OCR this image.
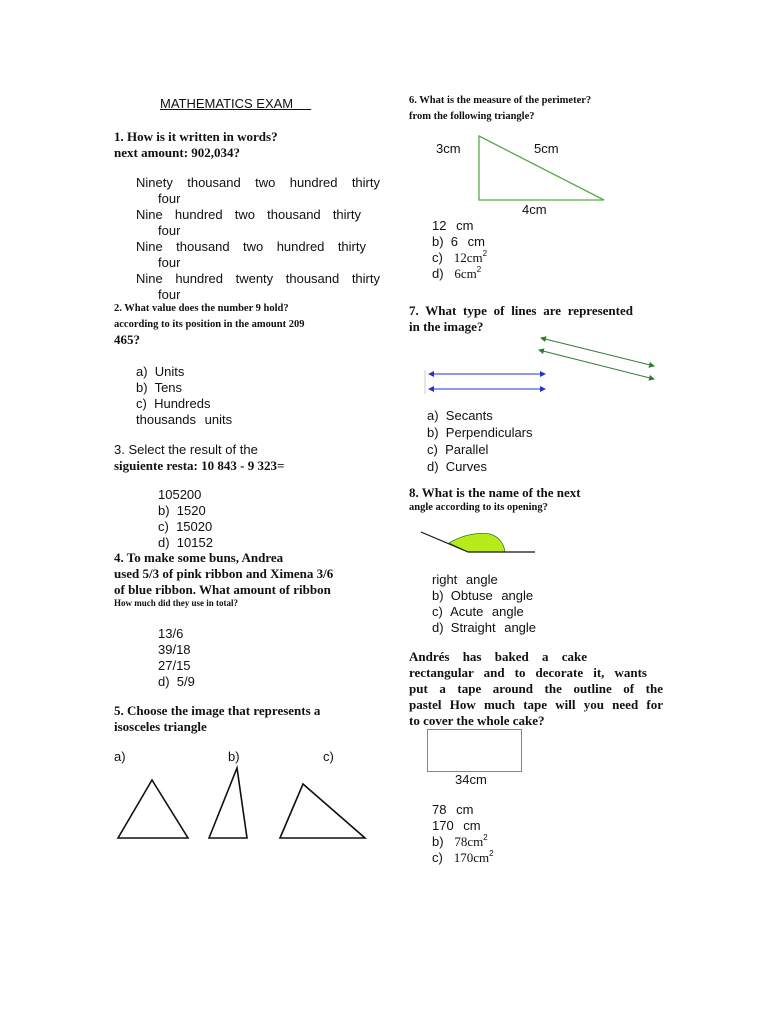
MATHEMATICS EXAM
1. How is it written in words?
next amount: 902,034?
Ninety thousand two hundred thirty
four
Nine hundred two thousand thirty
four
Nine thousand two hundred thirty
four
Nine hundred twenty thousand thirty
four
2. What value does the number 9 hold?
according to its position in the amount 209
465?
a) Units
b) Tens
c) Hundreds
thousands units
3. Select the result of the
siguiente resta: 10 843 - 9 323=
105200
b) 1520
c) 15020
d) 10152
4. To make some buns, Andrea
used 5/3 of pink ribbon and Ximena 3/6
of blue ribbon. What amount of ribbon
How much did they use in total?
13/6
39/18
27/15
d) 5/9
5. Choose the image that represents a
isosceles triangle
a)	b)	c)
6. What is the measure of the perimeter?
from the following triangle?
3cm	5cm
4cm
12 cm
b) 6 cm
c) $12cm^2$
d) $6cm^2$
7. What type of lines are represented
in the image?
a) Secants
b) Perpendiculars
c) Parallel
d) Curves
8. What is the name of the next
angle according to its opening?
right angle
b) Obtuse angle
c) Acute angle
d) Straight angle
Andrés has baked a cake
rectangular and to decorate it, wants
put a tape around the outline of the
pastel How much tape will you need for
to cover the whole cake?
34cm
78 cm
170 cm
b) $78cm^2$
c) $170cm^2$
